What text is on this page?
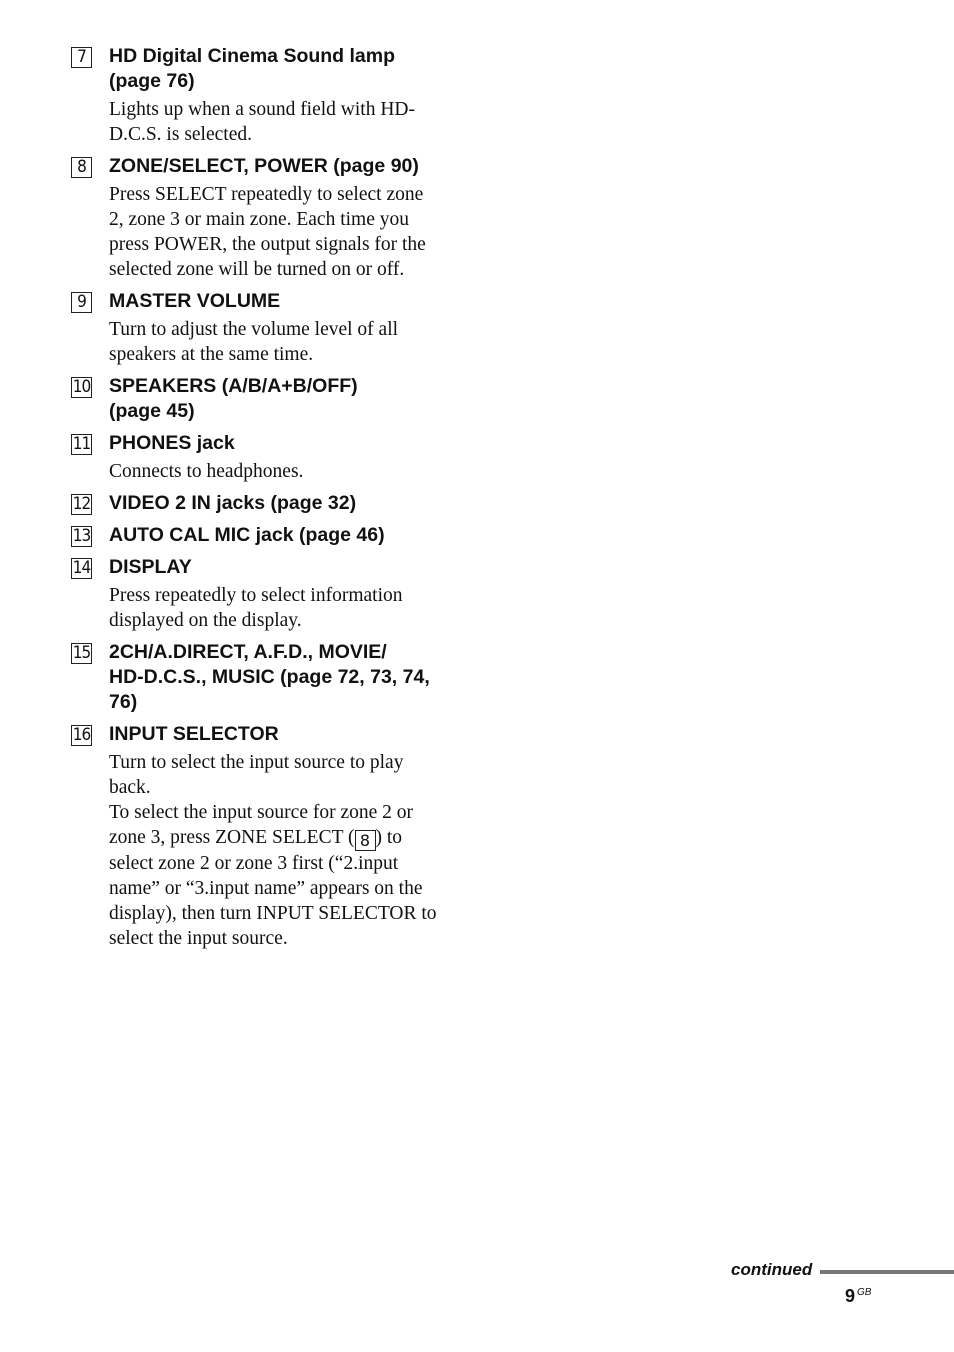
7	HD Digital Cinema Sound lamp
(page 76)
Lights up when a sound field with HD-
D.C.S. is selected.
8	ZONE/SELECT, POWER (page 90)
Press SELECT repeatedly to select zone
2, zone 3 or main zone. Each time you
press POWER, the output signals for the
selected zone will be turned on or off.
9	MASTER VOLUME
Turn to adjust the volume level of all
speakers at the same time.
10 SPEAKERS (A/B/A+B/OFF)
(page 45)
11 PHONES jack
Connects to headphones.
12 VIDEO 2 IN jacks (page 32)
13 AUTO CAL MIC jack (page 46)
14 DISPLAY
Press repeatedly to select information
displayed on the display.
15 2CH/A.DIRECT, A.F.D., MOVIE/
HD-D.C.S., MUSIC (page 72, 73, 74,
76)
16 INPUT SELECTOR
Turn to select the input source to play
back.
To select the input source for zone 2 or
zone 3, press ZONE SELECT ( 8 ) to
select zone 2 or zone 3 first (“2.input
name” or “3.input name” appears on the
display), then turn INPUT SELECTOR to
select the input source.
continued
9 $^{GB}$
